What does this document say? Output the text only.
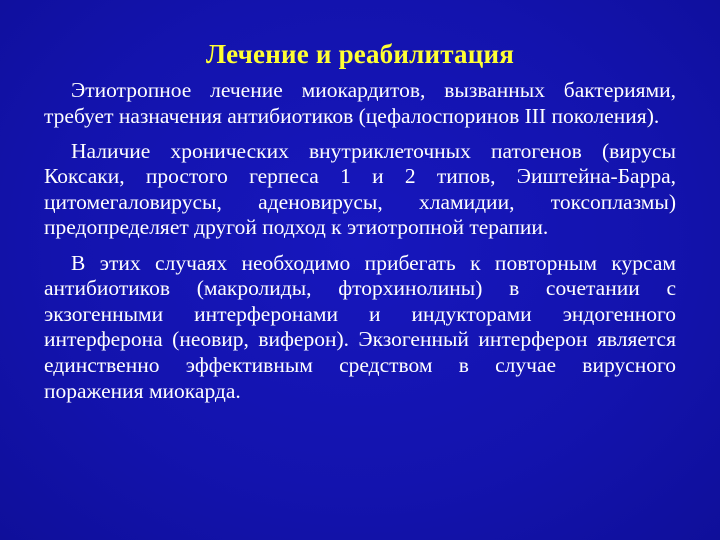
Лечение и реабилитация

Этиотропное лечение миокардитов, вызванных бактериями, требует назначения антибиотиков (цефалоспоринов III поколения).

Наличие хронических внутриклеточных патогенов (вирусы Коксаки, простого герпеса 1 и 2 типов, Эиштейна-Барра, цитомегаловирусы, аденовирусы, хламидии, токсоплазмы) предопределяет другой подход к этиотропной терапии.

В этих случаях необходимо прибегать к повторным курсам антибиотиков (макролиды, фторхинолины) в сочетании с экзогенными интерферонами и индукторами эндогенного интерферона (неовир, виферон). Экзогенный интерферон является единственно эффективным средством в случае вирусного поражения миокарда.
